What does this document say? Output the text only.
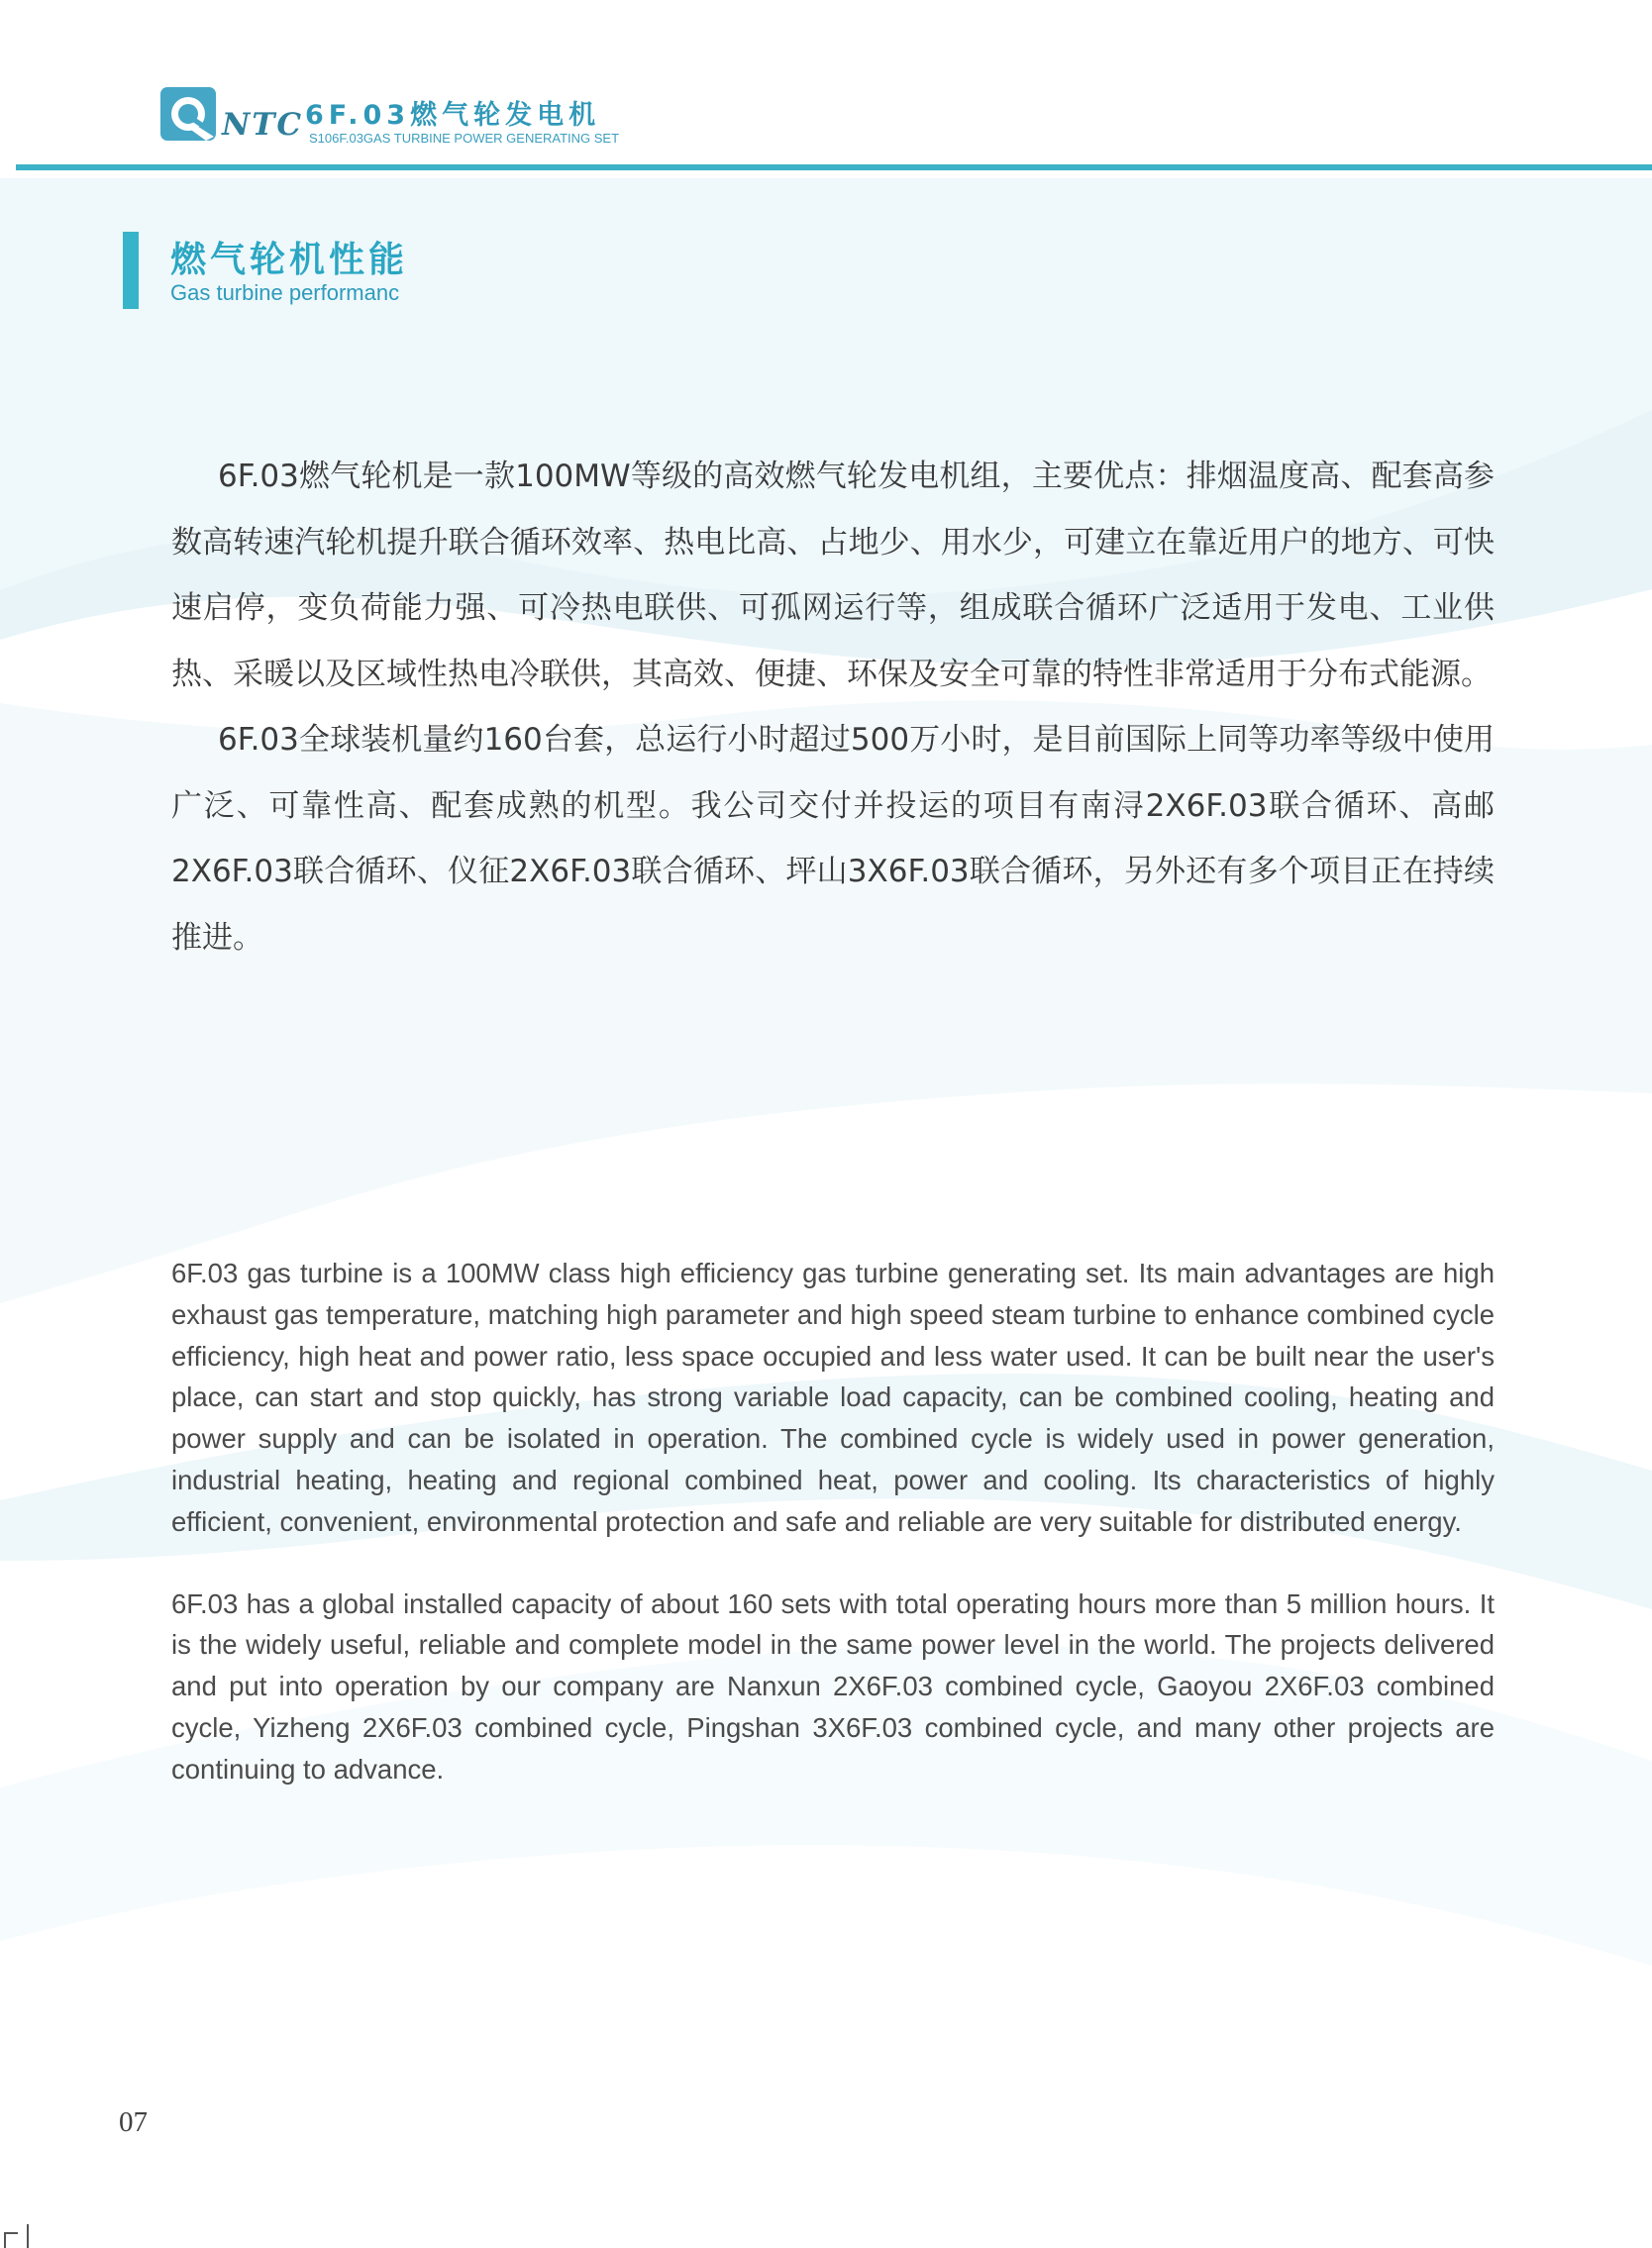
NTC 6F.03燃气轮发电机
S106F.03GAS TURBINE POWER GENERATING SET
燃气轮机性能
Gas turbine performanc

6F.03燃气轮机是一款100MW等级的高效燃气轮发电机组，主要优点：排烟温度高、配套高参数高转速汽轮机提升联合循环效率、热电比高、占地少、用水少，可建立在靠近用户的地方、可快速启停，变负荷能力强、可冷热电联供、可孤网运行等，组成联合循环广泛适用于发电、工业供热、采暖以及区域性热电冷联供，其高效、便捷、环保及安全可靠的特性非常适用于分布式能源。

6F.03全球装机量约160台套，总运行小时超过500万小时，是目前国际上同等功率等级中使用广泛、可靠性高、配套成熟的机型。我公司交付并投运的项目有南浔2X6F.03联合循环、高邮2X6F.03联合循环、仪征2X6F.03联合循环、坪山3X6F.03联合循环，另外还有多个项目正在持续推进。

6F.03 gas turbine is a 100MW class high efficiency gas turbine generating set. Its main advantages are high exhaust gas temperature, matching high parameter and high speed steam turbine to enhance combined cycle efficiency, high heat and power ratio, less space occupied and less water used. It can be built near the user's place, can start and stop quickly, has strong variable load capacity, can be combined cooling, heating and power supply and can be isolated in operation. The combined cycle is widely used in power generation, industrial heating, heating and regional combined heat, power and cooling. Its characteristics of highly efficient, convenient, environmental protection and safe and reliable are very suitable for distributed energy.

6F.03 has a global installed capacity of about 160 sets with total operating hours more than 5 million hours. It is the widely useful, reliable and complete model in the same power level in the world. The projects delivered and put into operation by our company are Nanxun 2X6F.03 combined cycle, Gaoyou 2X6F.03 combined cycle, Yizheng 2X6F.03 combined cycle, Pingshan 3X6F.03 combined cycle, and many other projects are continuing to advance.

07
